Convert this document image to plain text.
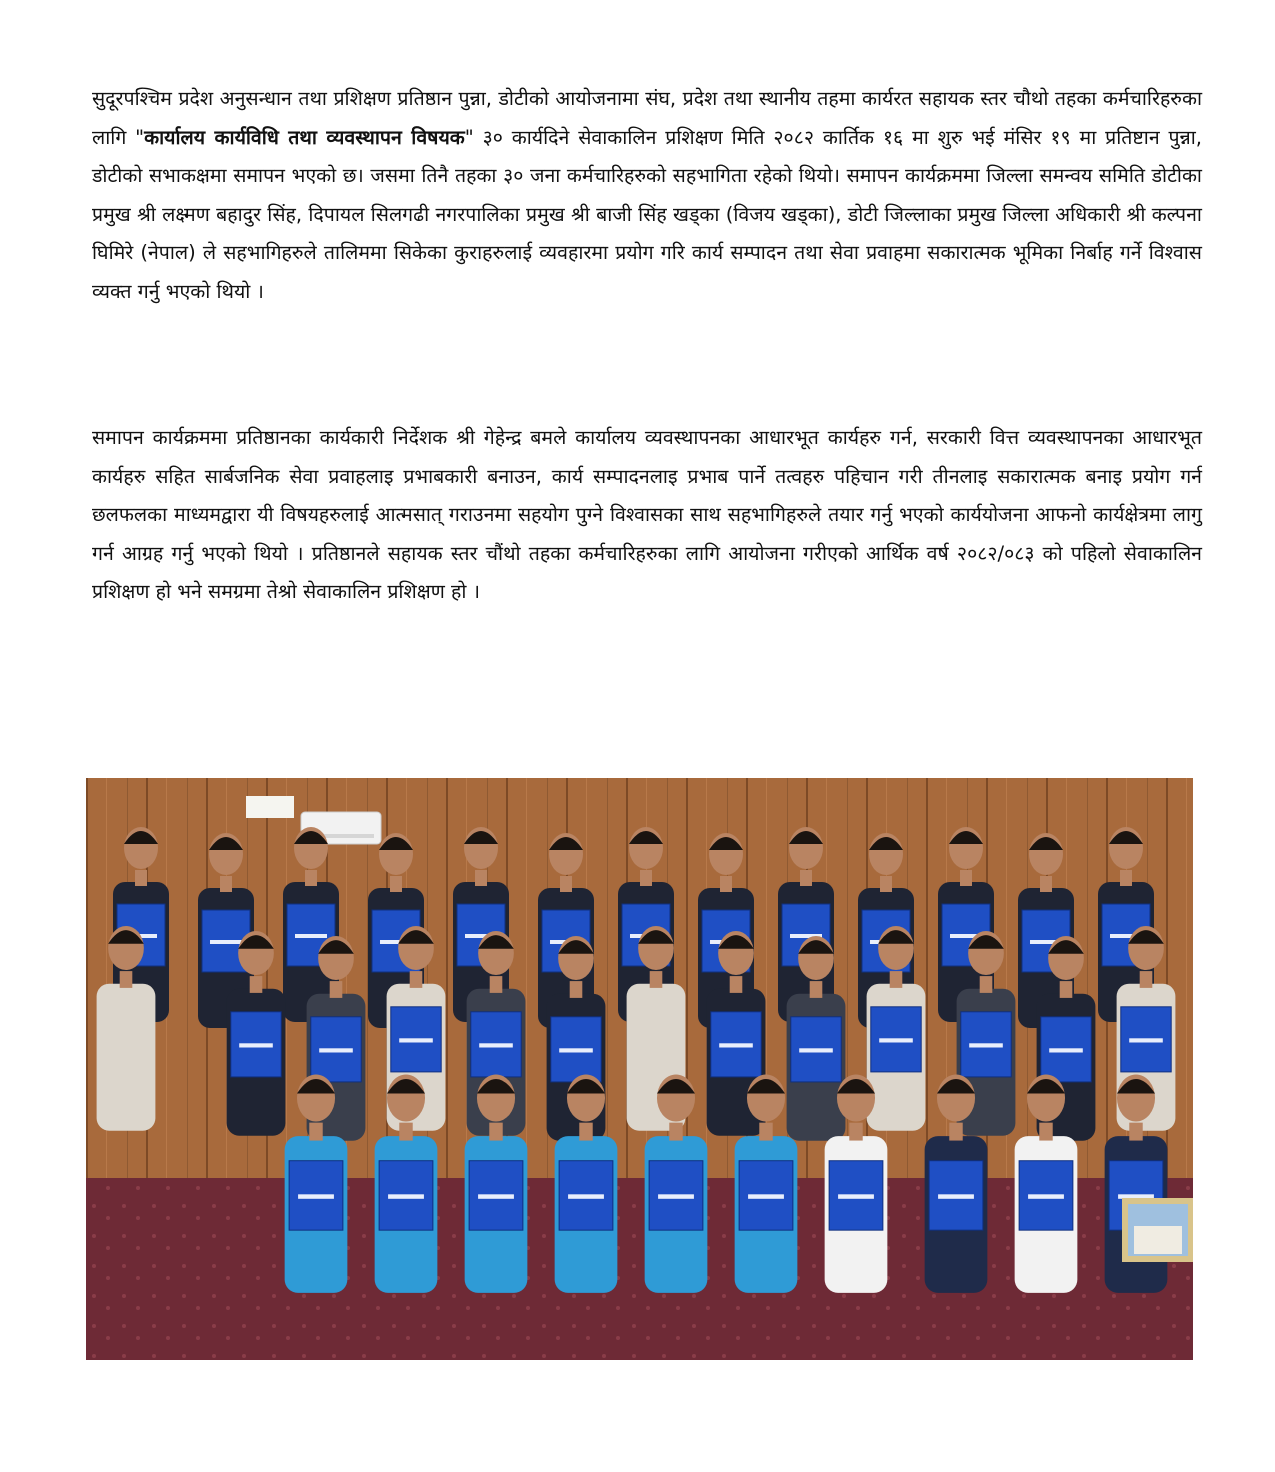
सुदूरपश्चिम प्रदेश अनुसन्धान तथा प्रशिक्षण प्रतिष्ठान पुन्ना, डोटीको आयोजनामा संघ, प्रदेश तथा स्थानीय तहमा कार्यरत सहायक स्तर चौथो तहका कर्मचारिहरुका लागि "कार्यालय कार्यविधि तथा व्यवस्थापन विषयक" ३० कार्यदिने सेवाकालिन प्रशिक्षण मिति २०८२ कार्तिक १६ मा शुरु भई मंसिर १९ मा प्रतिष्टान पुन्ना, डोटीको सभाकक्षमा समापन भएको छ। जसमा तिनै तहका ३० जना कर्मचारिहरुको सहभागिता रहेको थियो। समापन कार्यक्रममा जिल्ला समन्वय समिति डोटीका प्रमुख श्री लक्ष्मण बहादुर सिंह, दिपायल सिलगढी नगरपालिका प्रमुख श्री बाजी सिंह खड्का (विजय खड्का), डोटी जिल्लाका प्रमुख जिल्ला अधिकारी श्री कल्पना घिमिरे (नेपाल) ले सहभागिहरुले तालिममा सिकेका कुराहरुलाई व्यवहारमा प्रयोग गरि कार्य सम्पादन तथा सेवा प्रवाहमा सकारात्मक भूमिका निर्बाह गर्ने विश्वास व्यक्त गर्नु भएको थियो ।

समापन कार्यक्रममा प्रतिष्ठानका कार्यकारी निर्देशक श्री गेहेन्द्र बमले कार्यालय व्यवस्थापनका आधारभूत कार्यहरु गर्न, सरकारी वित्त व्यवस्थापनका आधारभूत कार्यहरु सहित सार्बजनिक सेवा प्रवाहलाइ प्रभाबकारी बनाउन, कार्य सम्पादनलाइ प्रभाब पार्ने तत्वहरु पहिचान गरी तीनलाइ सकारात्मक बनाइ प्रयोग गर्न छलफलका माध्यमद्वारा यी विषयहरुलाई आत्मसात् गराउनमा सहयोग पुग्ने विश्वासका साथ सहभागिहरुले तयार गर्नु भएको कार्ययोजना आफनो कार्यक्षेत्रमा लागु गर्न आग्रह गर्नु भएको थियो । प्रतिष्ठानले सहायक स्तर चौंथो तहका कर्मचारिहरुका लागि आयोजना गरीएको आर्थिक वर्ष २०८२/०८३ को पहिलो सेवाकालिन प्रशिक्षण हो भने समग्रमा तेश्रो सेवाकालिन प्रशिक्षण हो ।
